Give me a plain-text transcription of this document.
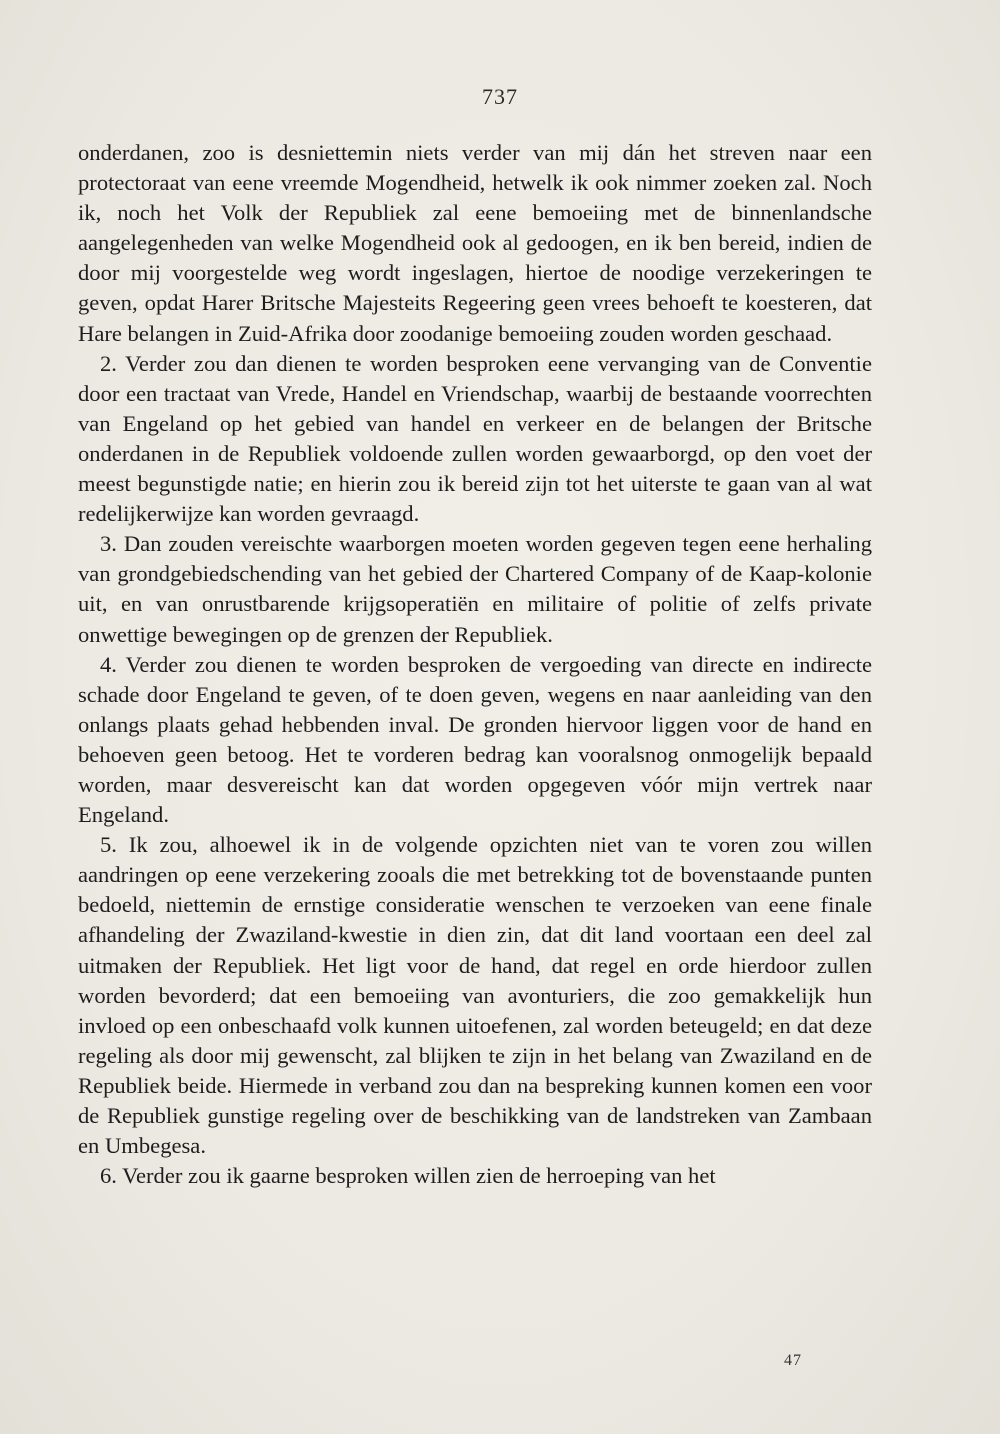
737

onderdanen, zoo is desniettemin niets verder van mij dán het streven naar een protectoraat van eene vreemde Mogendheid, hetwelk ik ook nimmer zoeken zal. Noch ik, noch het Volk der Republiek zal eene bemoeiing met de binnenlandsche aangelegenheden van welke Mogendheid ook al gedoogen, en ik ben bereid, indien de door mij voorgestelde weg wordt ingeslagen, hiertoe de noodige verzekeringen te geven, opdat Harer Britsche Majesteits Regeering geen vrees behoeft te koesteren, dat Hare belangen in Zuid-Afrika door zoodanige bemoeiing zouden worden geschaad.

2. Verder zou dan dienen te worden besproken eene vervanging van de Conventie door een tractaat van Vrede, Handel en Vriendschap, waarbij de bestaande voorrechten van Engeland op het gebied van handel en verkeer en de belangen der Britsche onderdanen in de Republiek voldoende zullen worden gewaarborgd, op den voet der meest begunstigde natie; en hierin zou ik bereid zijn tot het uiterste te gaan van al wat redelijkerwijze kan worden gevraagd.

3. Dan zouden vereischte waarborgen moeten worden gegeven tegen eene herhaling van grondgebiedschending van het gebied der Chartered Company of de Kaap-kolonie uit, en van onrustbarende krijgsoperatiën en militaire of politie of zelfs private onwettige bewegingen op de grenzen der Republiek.

4. Verder zou dienen te worden besproken de vergoeding van directe en indirecte schade door Engeland te geven, of te doen geven, wegens en naar aanleiding van den onlangs plaats gehad hebbenden inval. De gronden hiervoor liggen voor de hand en behoeven geen betoog. Het te vorderen bedrag kan vooralsnog onmogelijk bepaald worden, maar desvereischt kan dat worden opgegeven vóór mijn vertrek naar Engeland.

5. Ik zou, alhoewel ik in de volgende opzichten niet van te voren zou willen aandringen op eene verzekering zooals die met betrekking tot de bovenstaande punten bedoeld, niettemin de ernstige consideratie wenschen te verzoeken van eene finale afhandeling der Zwaziland-kwestie in dien zin, dat dit land voortaan een deel zal uitmaken der Republiek. Het ligt voor de hand, dat regel en orde hierdoor zullen worden bevorderd; dat een bemoeiing van avonturiers, die zoo gemakkelijk hun invloed op een onbeschaafd volk kunnen uitoefenen, zal worden beteugeld; en dat deze regeling als door mij gewenscht, zal blijken te zijn in het belang van Zwaziland en de Republiek beide. Hiermede in verband zou dan na bespreking kunnen komen een voor de Republiek gunstige regeling over de beschikking van de landstreken van Zambaan en Umbegesa.

6. Verder zou ik gaarne besproken willen zien de herroeping van het

47
